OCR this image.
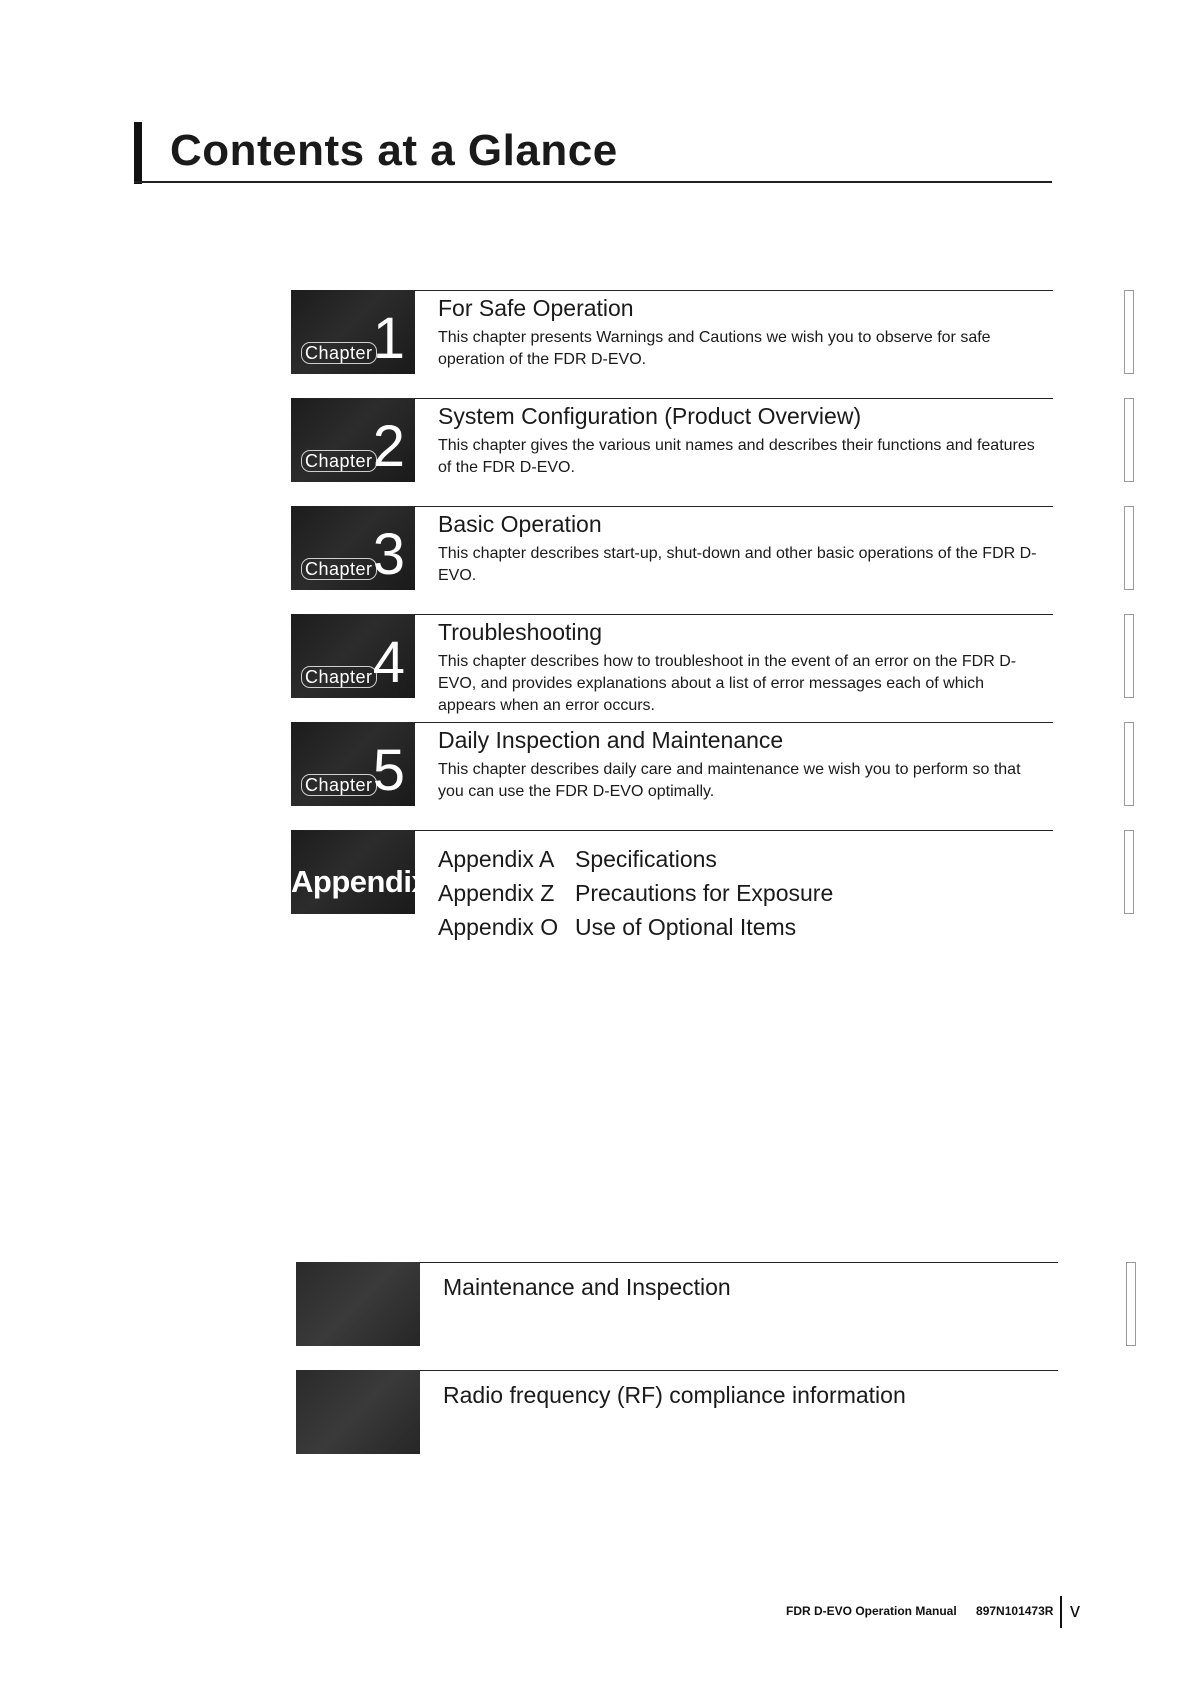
Contents at a Glance
Chapter 1 For Safe Operation
This chapter presents Warnings and Cautions we wish you to observe for safe operation of the FDR D-EVO.
Chapter 2 System Configuration (Product Overview)
This chapter gives the various unit names and describes their functions and features of the FDR D-EVO.
Chapter 3 Basic Operation
This chapter describes start-up, shut-down and other basic operations of the FDR D-EVO.
Chapter 4 Troubleshooting
This chapter describes how to troubleshoot in the event of an error on the FDR D-EVO, and provides explanations about a list of error messages each of which appears when an error occurs.
Chapter 5 Daily Inspection and Maintenance
This chapter describes daily care and maintenance we wish you to perform so that you can use the FDR D-EVO optimally.
Appendix
Appendix A Specifications
Appendix Z Precautions for Exposure
Appendix O Use of Optional Items
Maintenance and Inspection
Radio frequency (RF) compliance information
FDR D-EVO Operation Manual 897N101473R v
